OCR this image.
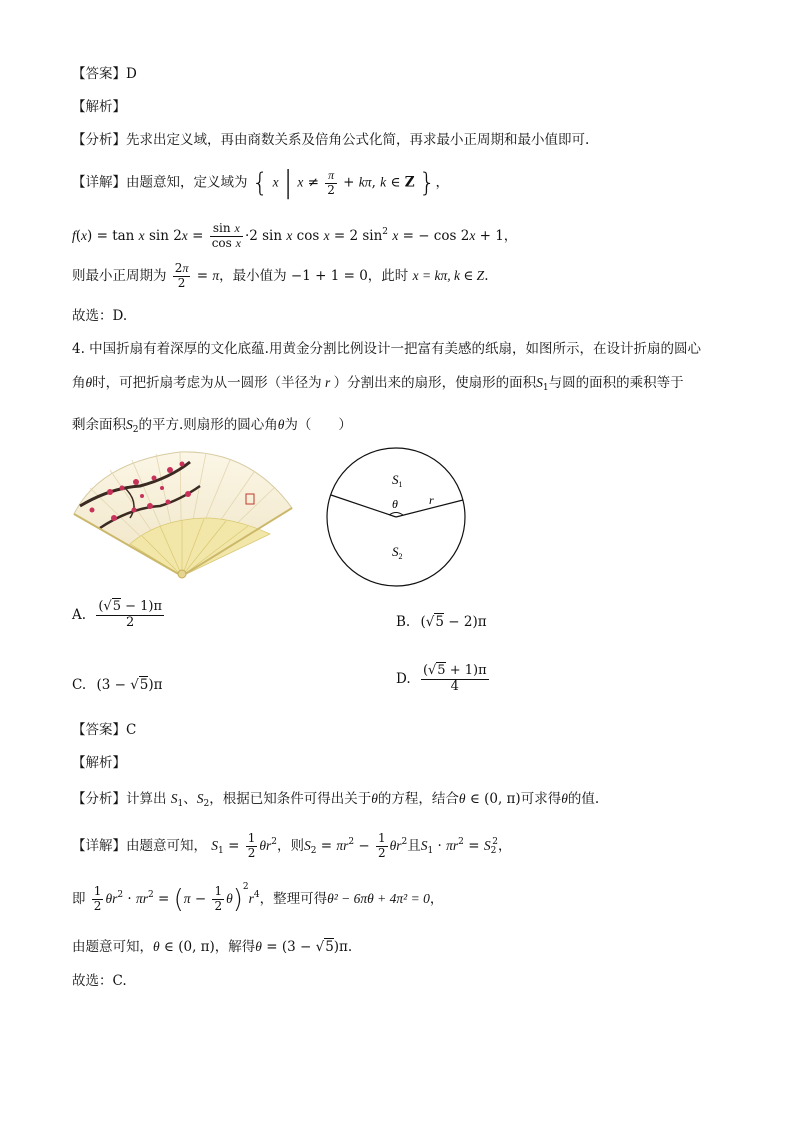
【答案】D
【解析】
【分析】先求出定义域，再由商数关系及倍角公式化简，再求最小正周期和最小值即可.
【详解】由题意知，定义域为 { x | $x \ne \frac{\pi}{2} + k\pi$, k ∈ Z }，
f(x) = tan x $\sin 2x = \frac{\text{sin x}}{\text{cos x}} \cdot 2$ sin x cos x = 2 $\sin^2 x$ = − cos 2x + 1，
则最小正周期为 $\frac{2\pi}{2} = \pi$，最小值为 −1 + 1 = 0，此时 x = kπ, k ∈ Z.
故选：D.
4. 中国折扇有着深厚的文化底蕴.用黄金分割比例设计一把富有美感的纸扇，如图所示，在设计折扇的圆心
角θ时，可把折扇考虑为从一圆形（半径为 r ）分割出来的扇形，使扇形的面积$S_1$与圆的面积的乘积等于
剩余面积$S_2$的平方.则扇形的圆心角θ为（　　）
$S_1$
θ	r
$S_2$
A. $\frac{(√5 - 1)\pi}{2}$	B. (√5 − 2)π
C. (3 − √5)π	D. $\frac{(√5 + 1)\pi}{4}$
【答案】C
【解析】
【分析】计算出 $S_1$、$S_2$，根据已知条件可得出关于θ的方程，结合θ ∈ (0, π)可求得θ的值.
【详解】由题意可知， $S_1 = \frac{1}{2} \theta r^2$，则$S_2 = \pi r^2 - \frac{1}{2} \theta r^2$且$S_1 \cdot \pi r^2 = S_2^2$，
即 $\frac{1}{2} \theta r^2 \cdot \pi r^2 = (\pi - \frac{1}{2} \theta)^2r^4$，整理可得θ² − 6πθ + 4π² = 0，
由题意可知，θ ∈ (0, π)，解得θ = (3 − √5)π.
故选：C.
